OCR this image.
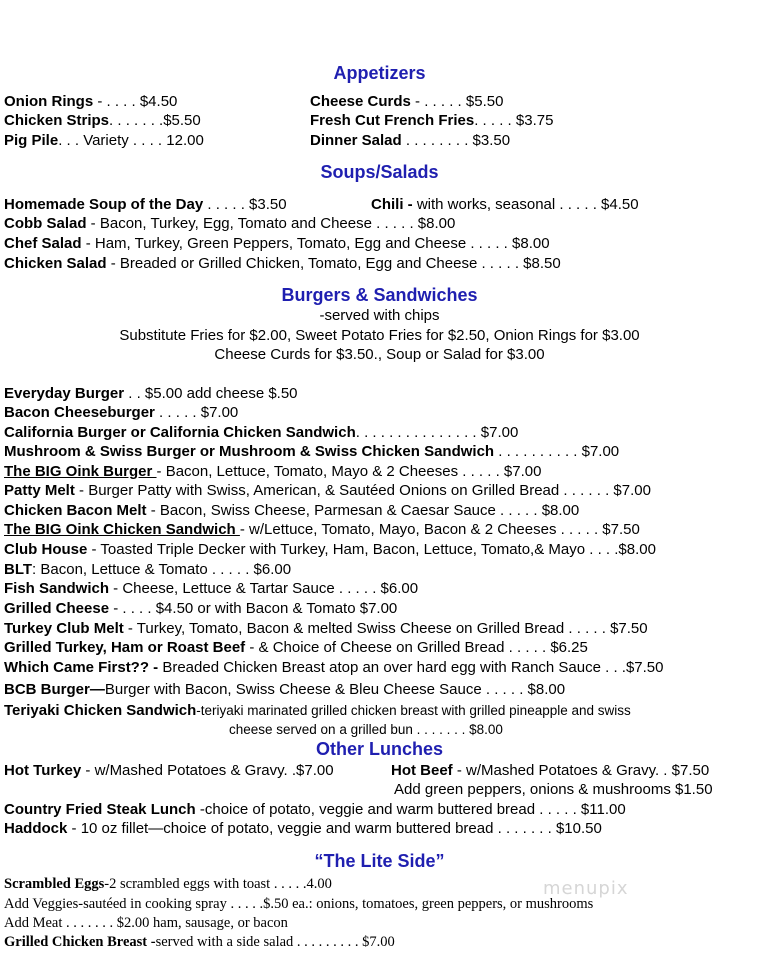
Appetizers
Onion Rings - . . . . $4.50	Cheese Curds - . . . . . $5.50
Chicken Strips. . . . . . .$5.50	Fresh Cut French Fries. . . . . $3.75
Pig Pile. . . Variety . . . . 12.00	Dinner Salad . . . . . . . . $3.50
Soups/Salads
Homemade Soup of the Day . . . . . $3.50	Chili - with works, seasonal . . . . . $4.50
Cobb Salad - Bacon, Turkey, Egg, Tomato and Cheese . . . . . $8.00
Chef Salad - Ham, Turkey, Green Peppers, Tomato, Egg and Cheese . . . . . $8.00
Chicken Salad - Breaded or Grilled Chicken, Tomato, Egg and Cheese . . . . . $8.50
Burgers & Sandwiches
-served with chips
Substitute Fries for $2.00, Sweet Potato Fries for $2.50, Onion Rings for $3.00
Cheese Curds for $3.50., Soup or Salad for $3.00
Everyday Burger . . $5.00 add cheese $.50
Bacon Cheeseburger . . . . . $7.00
California Burger or California Chicken Sandwich. . . . . . . . . . . . . . . $7.00
Mushroom & Swiss Burger or Mushroom & Swiss Chicken Sandwich . . . . . . . . . . $7.00
The BIG Oink Burger - Bacon, Lettuce, Tomato, Mayo & 2 Cheeses . . . . . $7.00
Patty Melt - Burger Patty with Swiss, American, & Sautéed Onions on Grilled Bread . . . . . . $7.00
Chicken Bacon Melt - Bacon, Swiss Cheese, Parmesan & Caesar Sauce . . . . . $8.00
The BIG Oink Chicken Sandwich - w/Lettuce, Tomato, Mayo, Bacon & 2 Cheeses . . . . . $7.50
Club House - Toasted Triple Decker with Turkey, Ham, Bacon, Lettuce, Tomato,& Mayo . . . .$8.00
BLT: Bacon, Lettuce & Tomato . . . . . $6.00
Fish Sandwich - Cheese, Lettuce & Tartar Sauce . . . . . $6.00
Grilled Cheese - . . . . $4.50 or with Bacon & Tomato $7.00
Turkey Club Melt - Turkey, Tomato, Bacon & melted Swiss Cheese on Grilled Bread . . . . . $7.50
Grilled Turkey, Ham or Roast Beef - & Choice of Cheese on Grilled Bread . . . . . $6.25
Which Came First?? - Breaded Chicken Breast atop an over hard egg with Ranch Sauce . . .$7.50
BCB Burger—Burger with Bacon, Swiss Cheese & Bleu Cheese Sauce . . . . . $8.00
Teriyaki Chicken Sandwich-teriyaki marinated grilled chicken breast with grilled pineapple and swiss
cheese served on a grilled bun . . . . . . . $8.00
Other Lunches
Hot Turkey - w/Mashed Potatoes & Gravy. .$7.00	Hot Beef - w/Mashed Potatoes & Gravy. . $7.50
Add green peppers, onions & mushrooms $1.50
Country Fried Steak Lunch -choice of potato, veggie and warm buttered bread . . . . . $11.00
Haddock - 10 oz fillet—choice of potato, veggie and warm buttered bread . . . . . . . $10.50
“The Lite Side”
Scrambled Eggs-2 scrambled eggs with toast . . . . .4.00
Add Veggies-sautéed in cooking spray . . . . .$.50 ea.: onions, tomatoes, green peppers, or mushrooms
Add Meat . . . . . . . $2.00 ham, sausage, or bacon
Grilled Chicken Breast -served with a side salad . . . . . . . . . $7.00
menupix
